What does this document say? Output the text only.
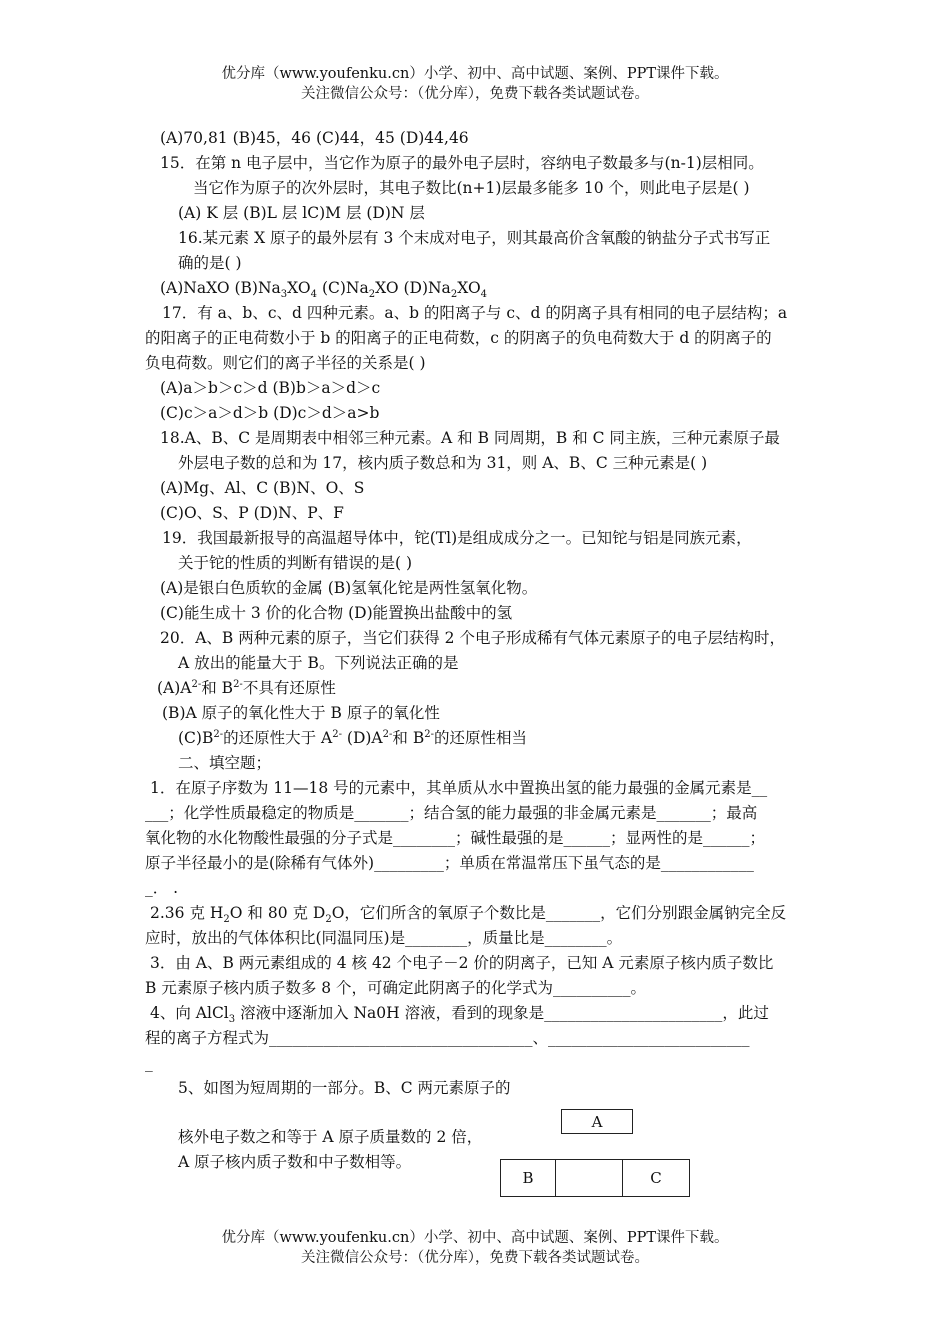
优分库（www.youfenku.cn）小学、初中、高中试题、案例、PPT课件下载。
关注微信公众号：（优分库），免费下载各类试题试卷。
(A)70,81 (B)45，46 (C)44，45 (D)44,46
15．在第 n 电子层中，当它作为原子的最外电子层时，容纳电子数最多与(n-1)层相同。
当它作为原子的次外层时，其电子数比(n+1)层最多能多 10 个，则此电子层是( )
(A) K 层 (B)L 层 lC)M 层 (D)N 层
16.某元素 X 原子的最外层有 3 个末成对电子，则其最高价含氧酸的钠盐分子式书写正
确的是( )
(A)NaXO $(B)Na_3XO_4$ $(C)Na_2XO$ $(D)Na_2XO_4$
17．有 a、b、c、d 四种元素。a、b 的阳离子与 c、d 的阴离子具有相同的电子层结构；a
的阳离子的正电荷数小于 b 的阳离子的正电荷数，c 的阴离子的负电荷数大于 d 的阴离子的
负电荷数。则它们的离子半径的关系是( )
(A)a＞b＞c＞d (B)b＞a＞d＞c
(C)c＞a＞d＞b (D)c＞d＞a>b
18.A、B、C 是周期表中相邻三种元素。A 和 B 同周期，B 和 C 同主族，三种元素原子最
外层电子数的总和为 17，核内质子数总和为 31，则 A、B、C 三种元素是( )
(A)Mg、Al、C (B)N、O、S
(C)O、S、P (D)N、P、F
19．我国最新报导的高温超导体中，铊(Tl)是组成成分之一。已知铊与铝是同族元素，
关于铊的性质的判断有错误的是( )
(A)是银白色质软的金属 (B)氢氧化铊是两性氢氧化物。
(C)能生成十 3 价的化合物 (D)能置换出盐酸中的氢
20．A、B 两种元素的原子，当它们获得 2 个电子形成稀有气体元素原子的电子层结构时，
A 放出的能量大于 B。下列说法正确的是
$(A)A^{2-}$和 $B^{2-}$不具有还原性
(B)A 原子的氧化性大于 B 原子的氧化性
$(C)B^{2-}$的还原性大于 $A^{2-}$ $(D)A^{2-}$和 $B^{2-}$的还原性相当
二、填空题；
1．在原子序数为 11—18 号的元素中，其单质从水中置换出氢的能力最强的金属元素是__
___；化学性质最稳定的物质是_______；结合氢的能力最强的非金属元素是_______；最高
氧化物的水化物酸性最强的分子式是________；碱性最强的是______；显两性的是______；
原子半径最小的是(除稀有气体外)_________；单质在常温常压下虽气态的是____________
_． .
2.36 克 $H_2O$ 和 80 克 $D_2O$，它们所含的氧原子个数比是_______，它们分别跟金属钠完全反
应时，放出的气体体积比(同温同压)是________，质量比是________。
3．由 A、B 两元素组成的 4 核 42 个电子－2 价的阴离子，已知 A 元素原子核内质子数比
B 元素原子核内质子数多 8 个，可确定此阴离子的化学式为__________。
4、向 AlCl$_3$ 溶液中逐渐加入 Na0H 溶液，看到的现象是_______________________，此过
程的离子方程式为__________________________________、__________________________
_
5、如图为短周期的一部分。B、C 两元素原子的
核外电子数之和等于 A 原子质量数的 2 倍，
A 原子核内质子数和中子数相等。
A
B	C
优分库（www.youfenku.cn）小学、初中、高中试题、案例、PPT课件下载。
关注微信公众号：（优分库），免费下载各类试题试卷。
